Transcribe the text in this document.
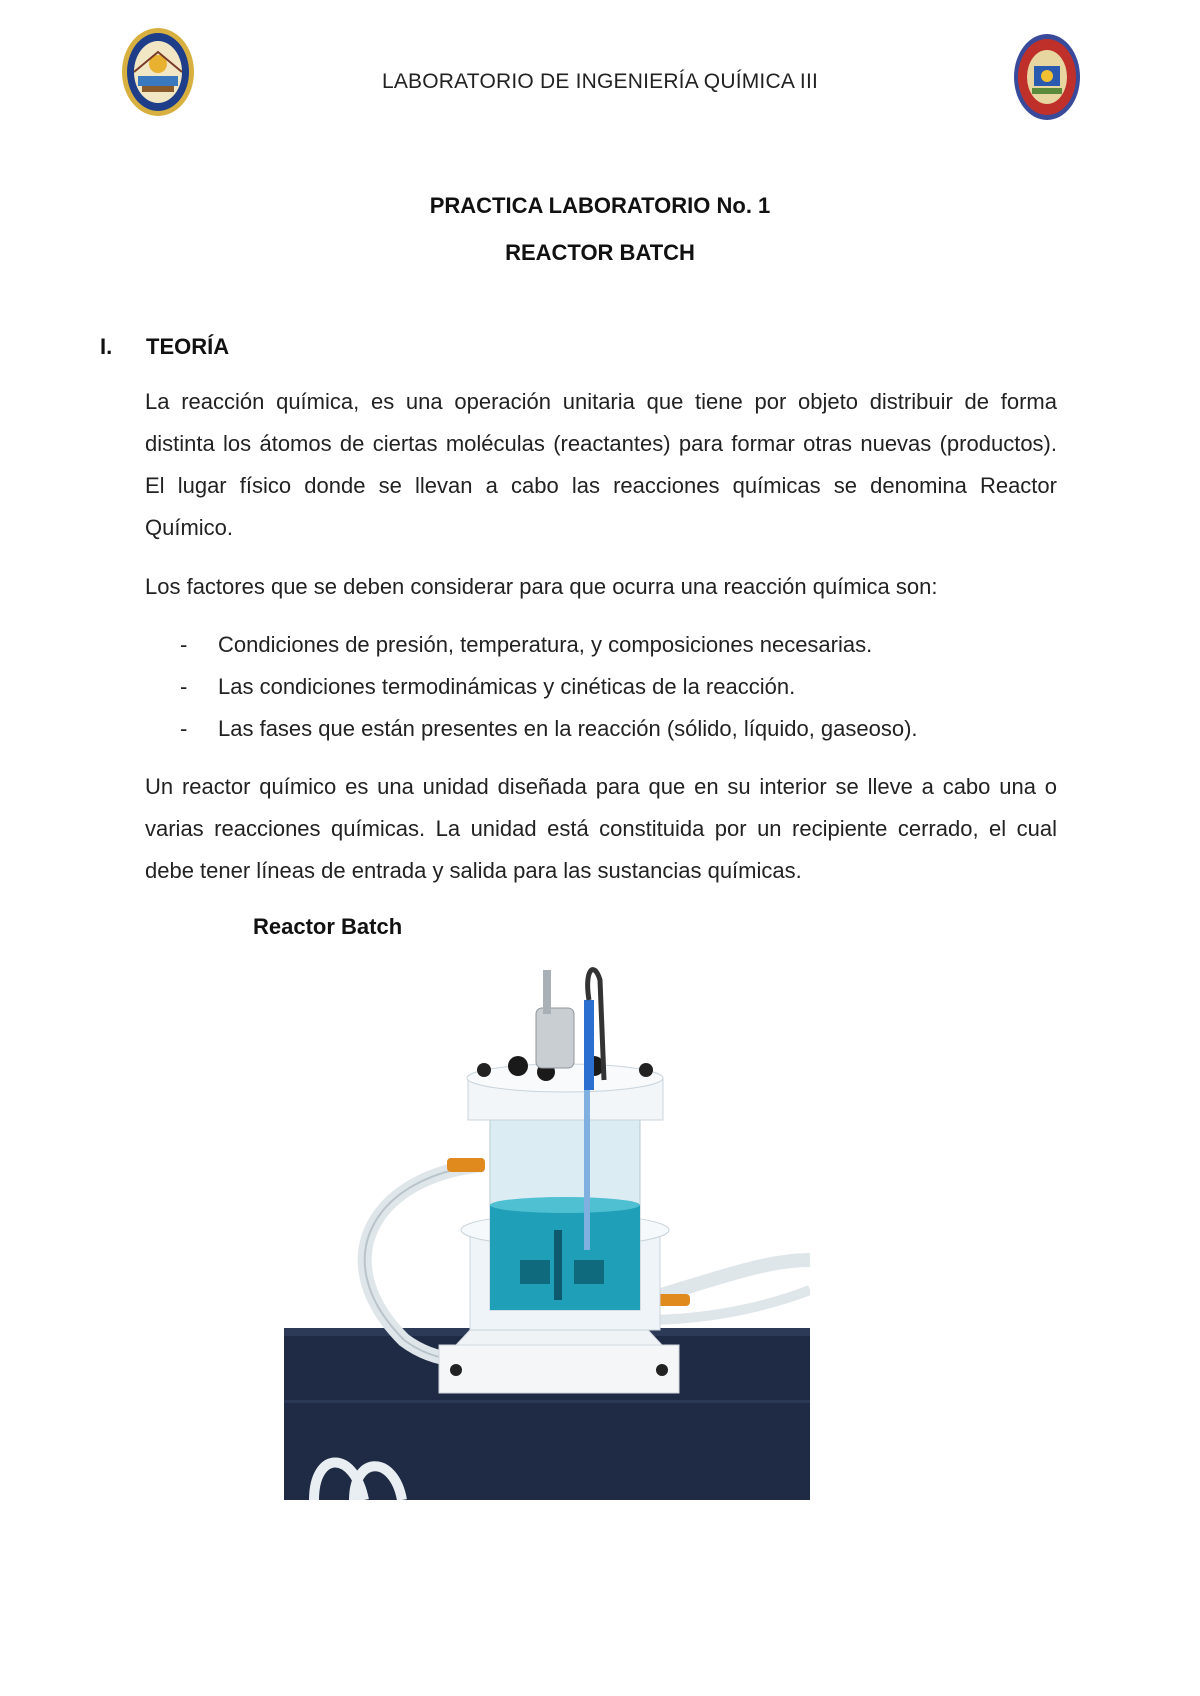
LABORATORIO DE INGENIERÍA QUÍMICA III
PRACTICA LABORATORIO No. 1
REACTOR BATCH
I. TEORÍA
La reacción química, es una operación unitaria que tiene por objeto distribuir de forma distinta los átomos de ciertas moléculas (reactantes) para formar otras nuevas (productos). El lugar físico donde se llevan a cabo las reacciones químicas se denomina Reactor Químico.
Los factores que se deben considerar para que ocurra una reacción química son:
- Condiciones de presión, temperatura, y composiciones necesarias.
- Las condiciones termodinámicas y cinéticas de la reacción.
- Las fases que están presentes en la reacción (sólido, líquido, gaseoso).
Un reactor químico es una unidad diseñada para que en su interior se lleve a cabo una o varias reacciones químicas. La unidad está constituida por un recipiente cerrado, el cual debe tener líneas de entrada y salida para las sustancias químicas.
Reactor Batch
